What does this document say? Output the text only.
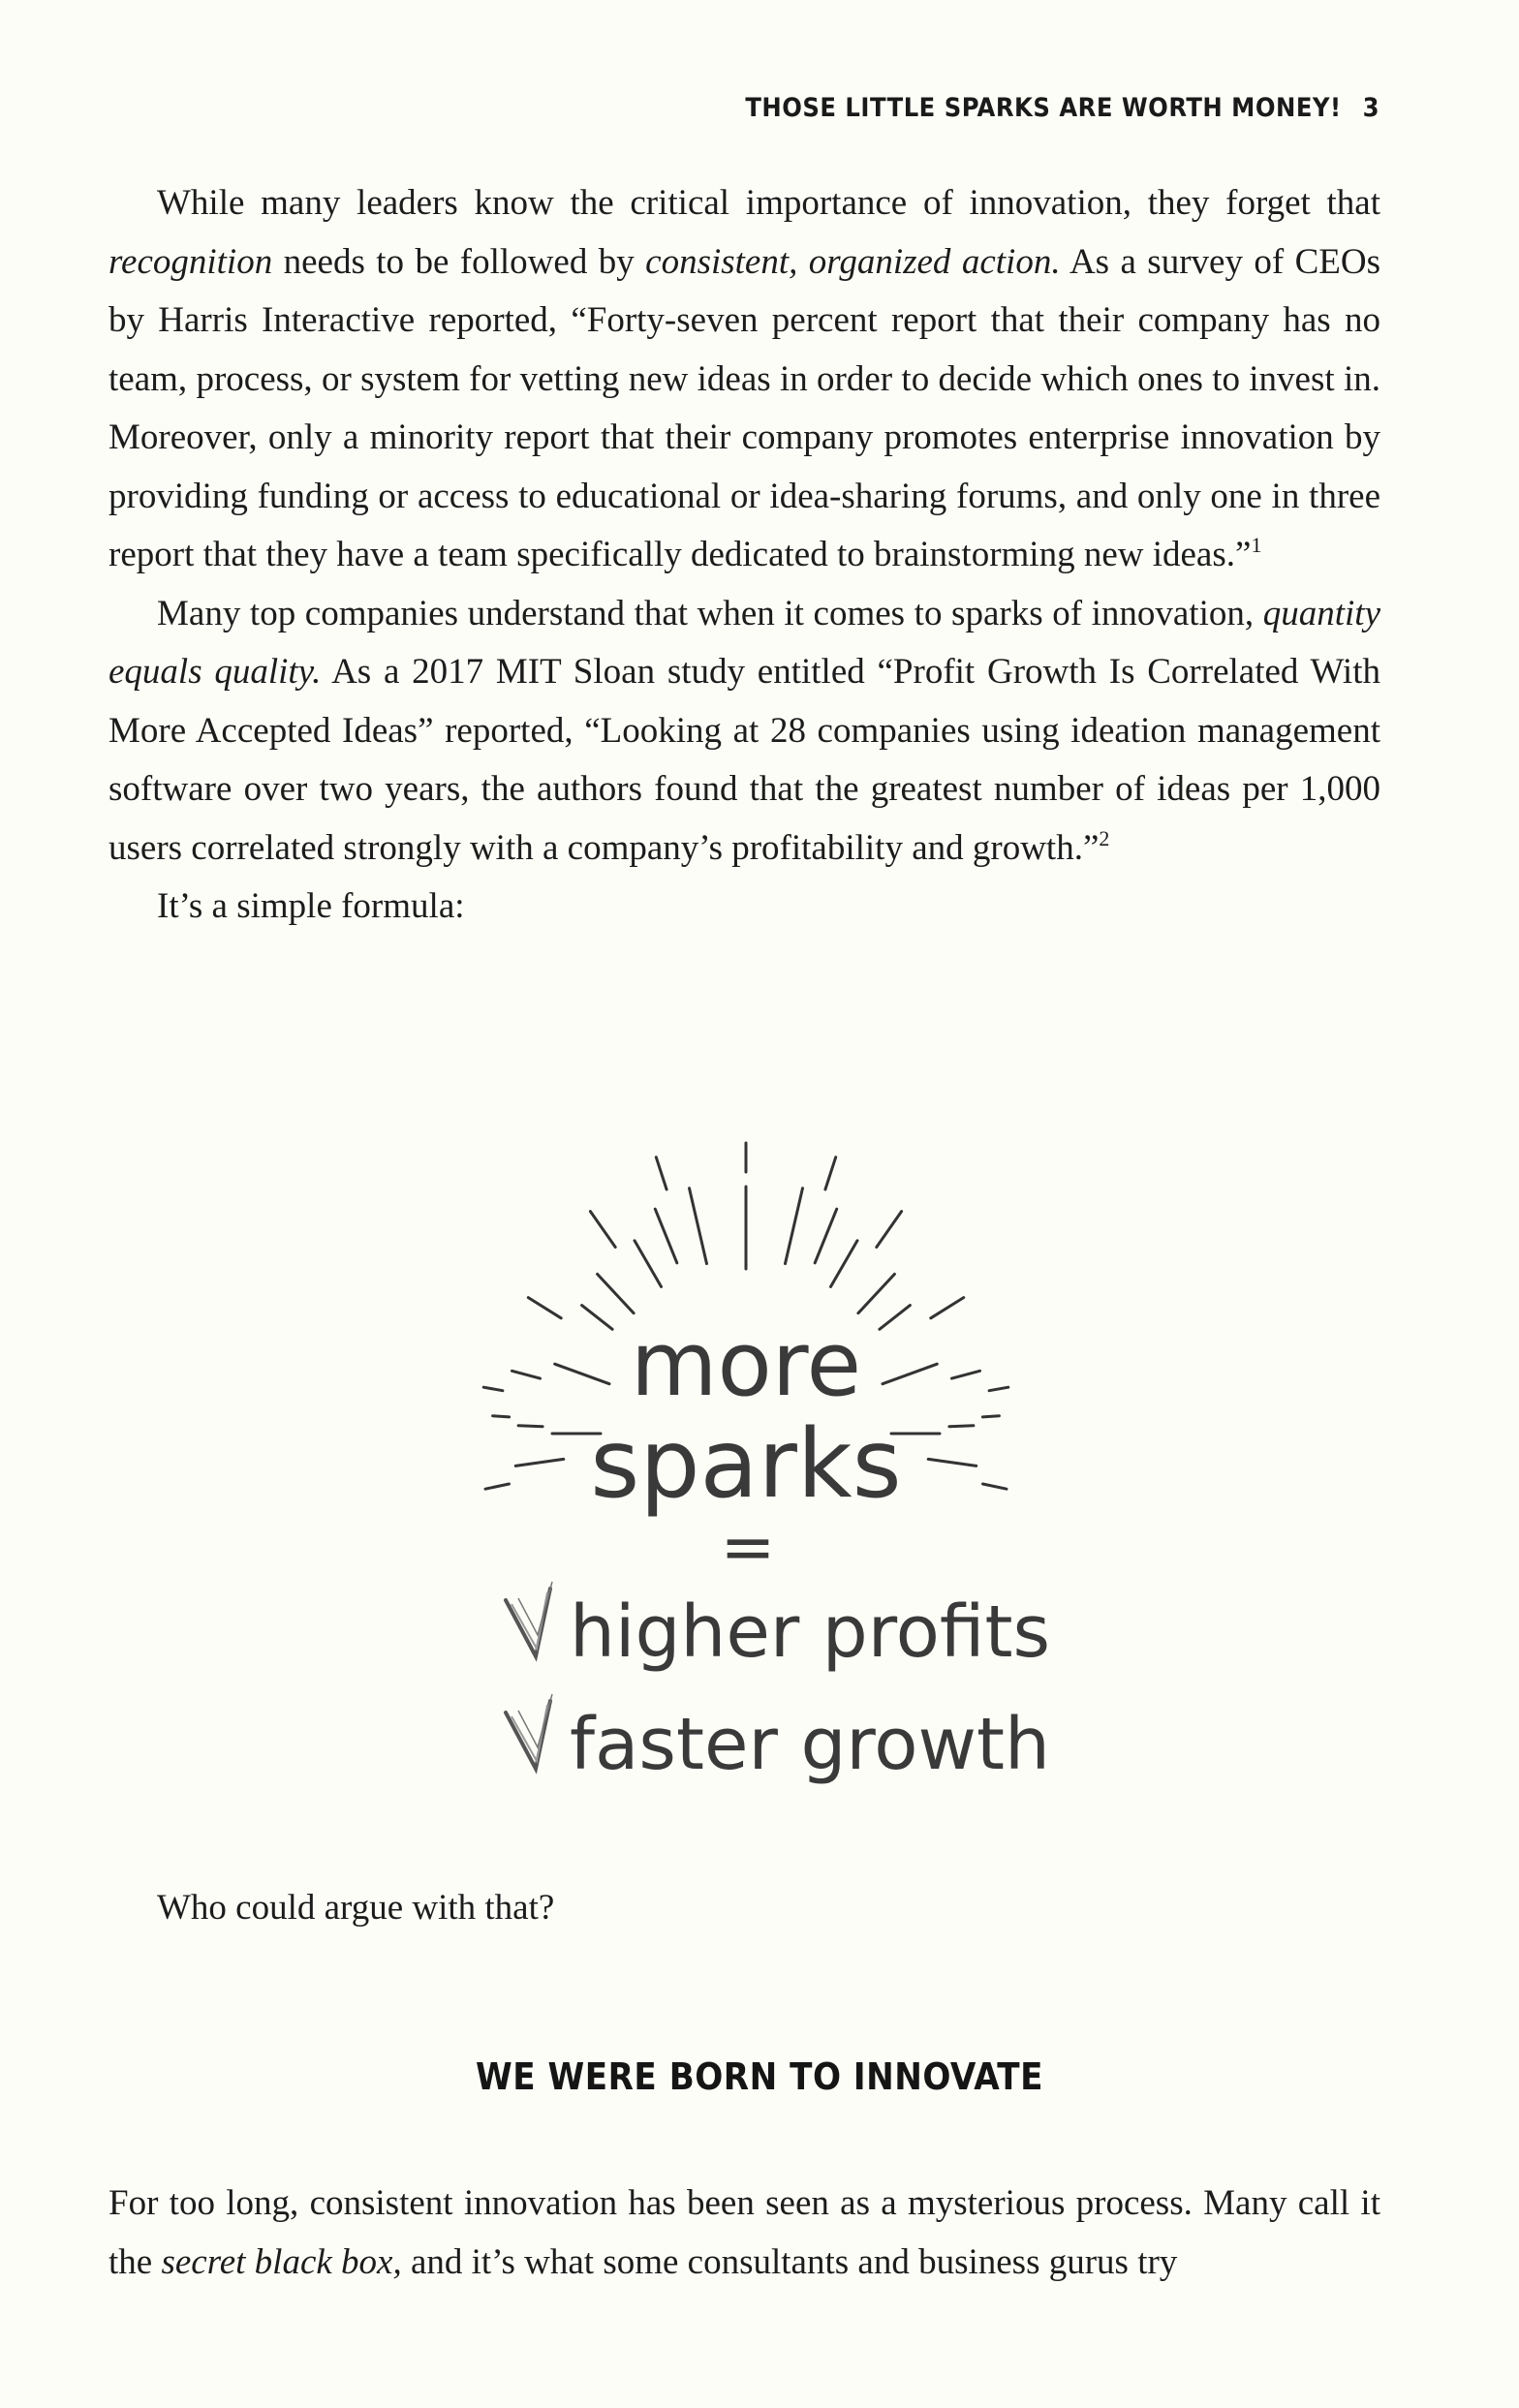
THOSE LITTLE SPARKS ARE WORTH MONEY! 3

While many leaders know the critical importance of innovation, they forget that recognition needs to be followed by consistent, organized action. As a survey of CEOs by Harris Interactive reported, “Forty-seven percent report that their company has no team, process, or system for vetting new ideas in order to decide which ones to invest in. Moreover, only a minority report that their company promotes enterprise innovation by providing funding or access to educational or idea-sharing forums, and only one in three report that they have a team specifically dedicated to brainstorming new ideas.”$^1$

Many top companies understand that when it comes to sparks of innovation, quantity equals quality. As a 2017 MIT Sloan study entitled “Profit Growth Is Correlated With More Accepted Ideas” reported, “Looking at 28 companies using ideation management software over two years, the authors found that the greatest number of ideas per 1,000 users correlated strongly with a company’s profitability and growth.”$^2$

It’s a simple formula:

more
sparks
=
higher profits
faster growth

Who could argue with that?

WE WERE BORN TO INNOVATE

For too long, consistent innovation has been seen as a mysterious process. Many call it the secret black box, and it’s what some consultants and business gurus try
